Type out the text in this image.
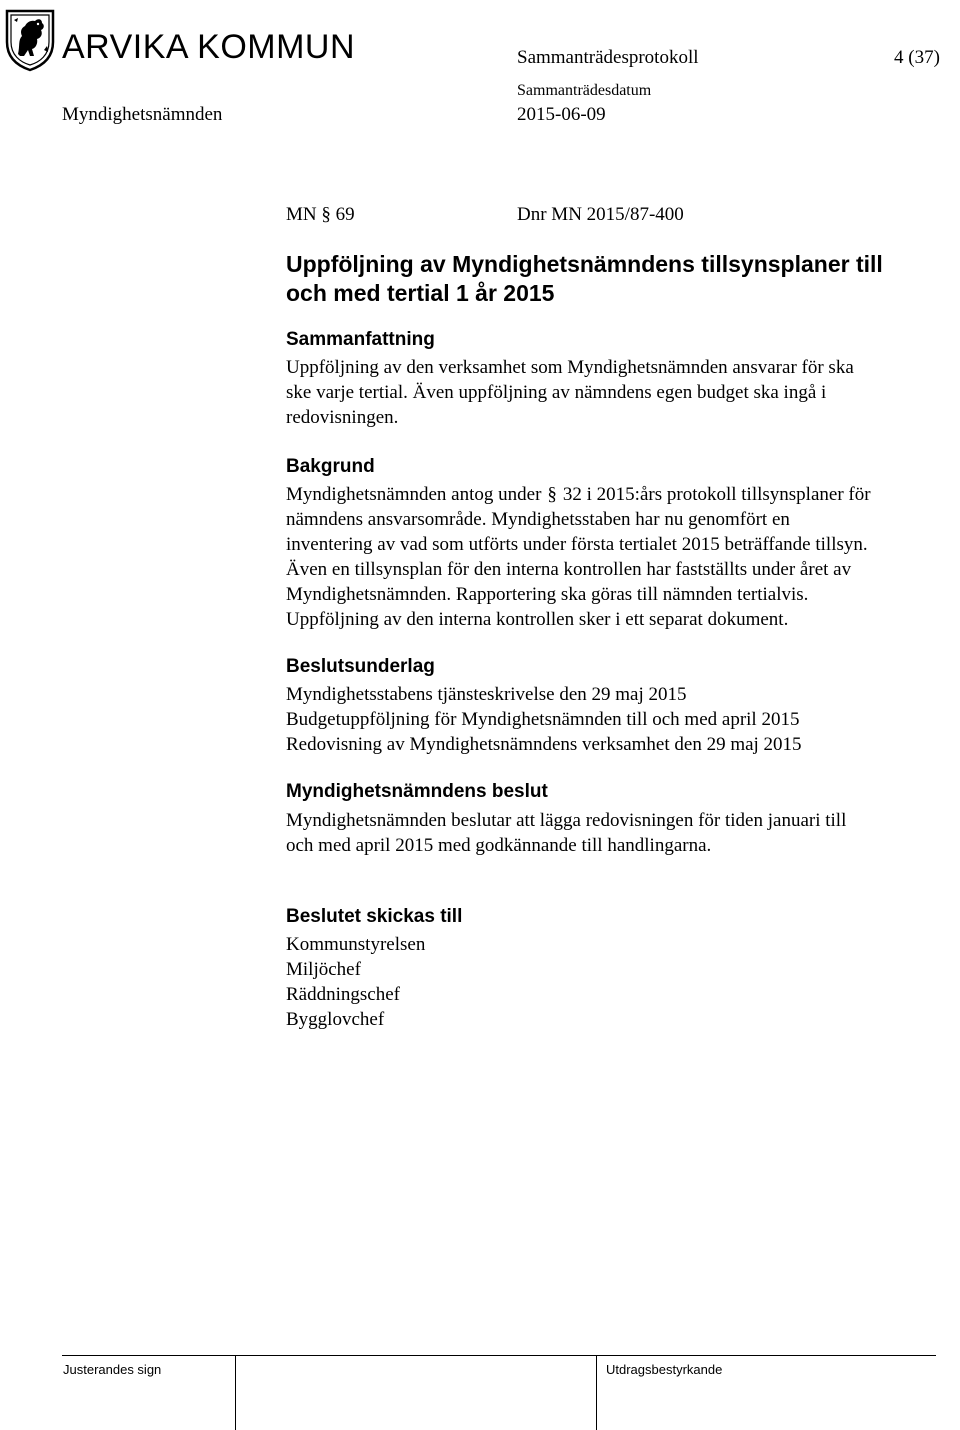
ARVIKA KOMMUN	Sammanträdesprotokoll	4 (37)
Myndighetsnämnden
Sammanträdesdatum
2015-06-09
MN § 69	Dnr MN 2015/87-400
Uppföljning av Myndighetsnämndens tillsynsplaner till
och med tertial 1 år 2015
Sammanfattning
Uppföljning av den verksamhet som Myndighetsnämnden ansvarar för ska
ske varje tertial. Även uppföljning av nämndens egen budget ska ingå i
redovisningen.
Bakgrund
Myndighetsnämnden antog under § 32 i 2015:års protokoll tillsynsplaner för
nämndens ansvarsområde. Myndighetsstaben har nu genomfört en
inventering av vad som utförts under första tertialet 2015 beträffande tillsyn.
Även en tillsynsplan för den interna kontrollen har fastställts under året av
Myndighetsnämnden. Rapportering ska göras till nämnden tertialvis.
Uppföljning av den interna kontrollen sker i ett separat dokument.
Beslutsunderlag
Myndighetsstabens tjänsteskrivelse den 29 maj 2015
Budgetuppföljning för Myndighetsnämnden till och med april 2015
Redovisning av Myndighetsnämndens verksamhet den 29 maj 2015
Myndighetsnämndens beslut
Myndighetsnämnden beslutar att lägga redovisningen för tiden januari till
och med april 2015 med godkännande till handlingarna.
Beslutet skickas till
Kommunstyrelsen
Miljöchef
Räddningschef
Bygglovchef
Justerandes sign	Utdragsbestyrkande
